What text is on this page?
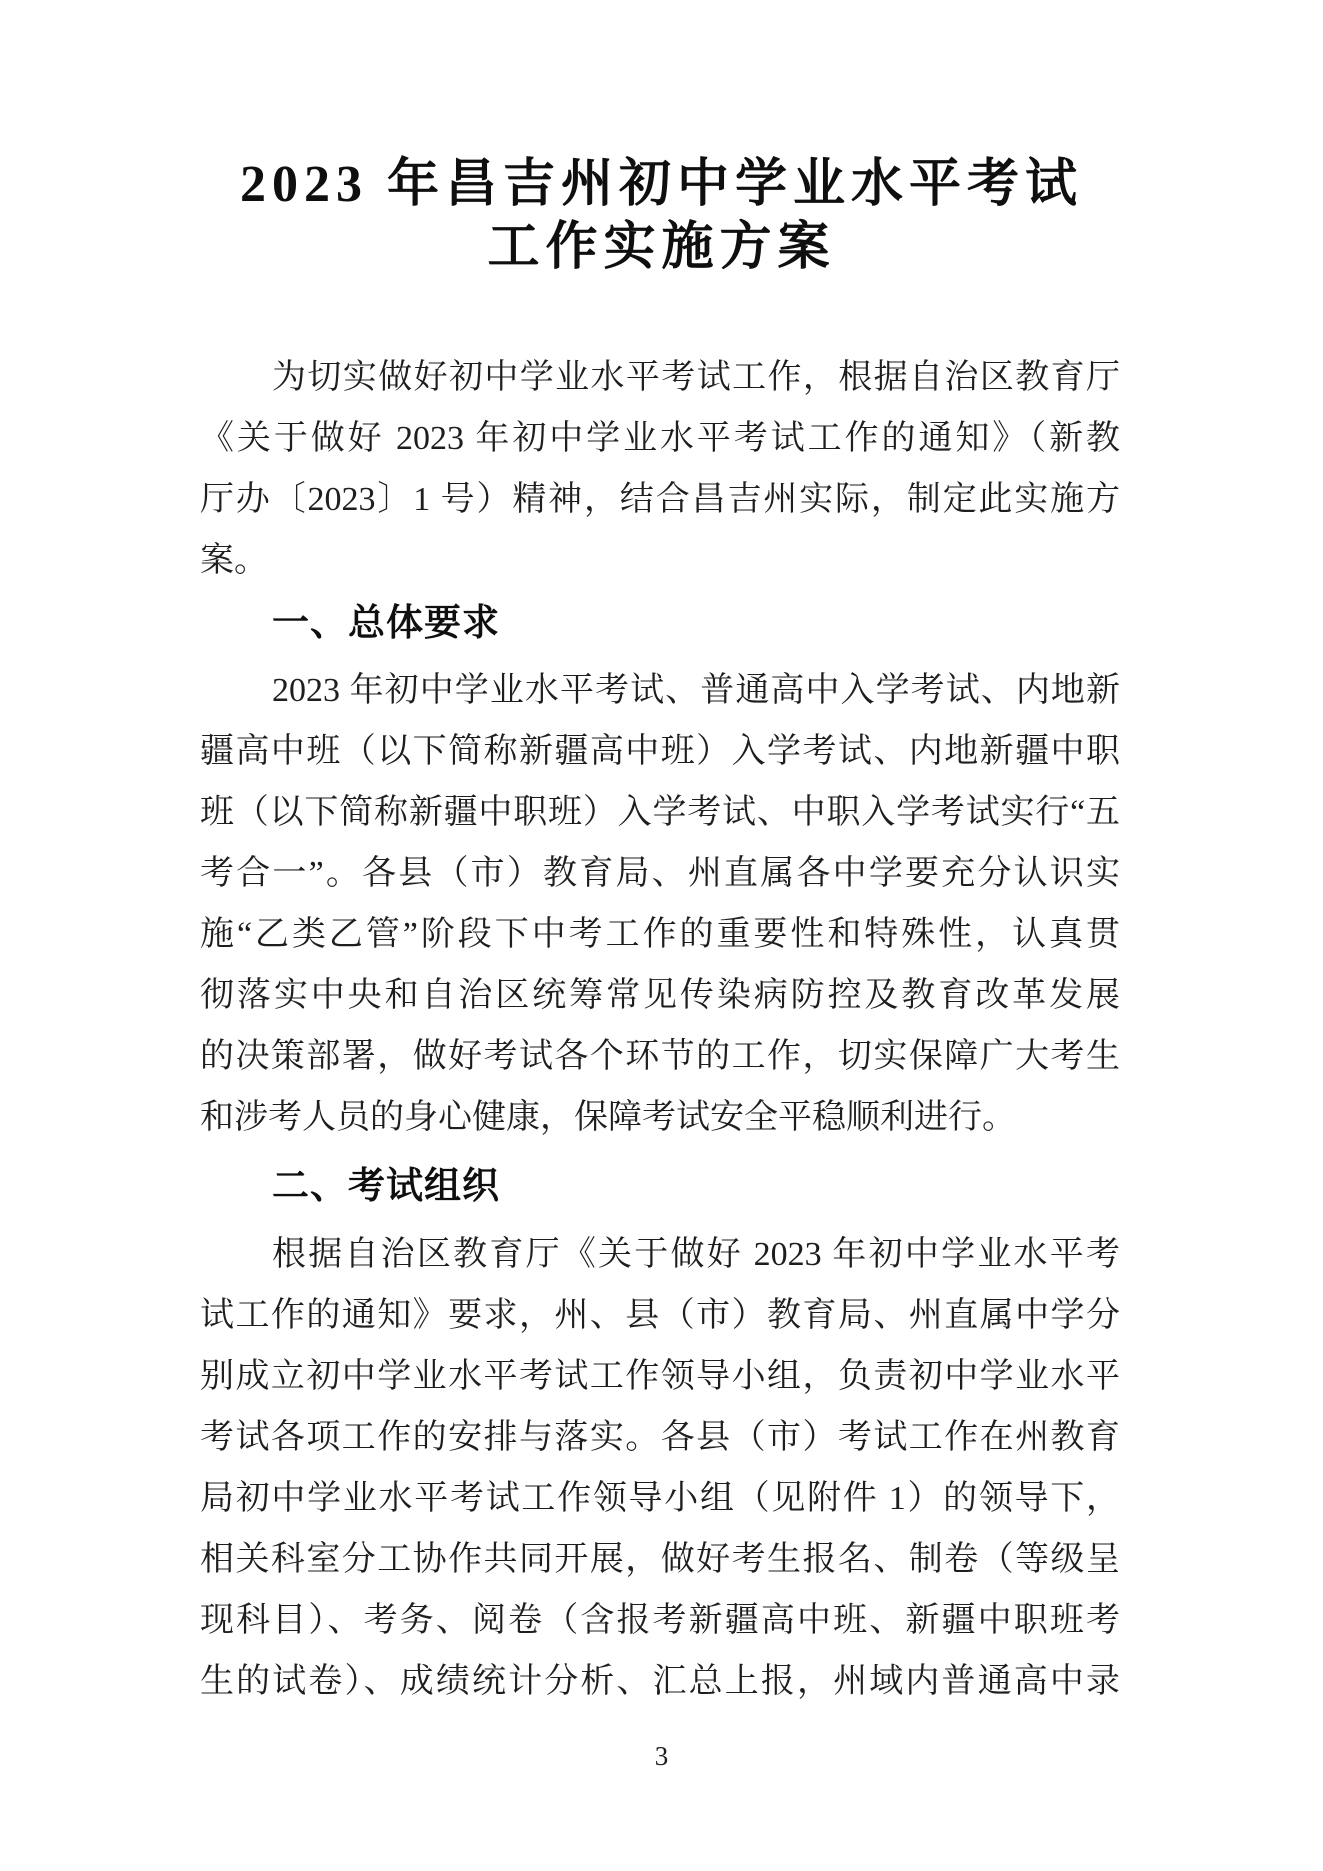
2023 年昌吉州初中学业水平考试
工作实施方案
为切实做好初中学业水平考试工作，根据自治区教育厅
《关于做好 2023 年初中学业水平考试工作的通知》（新教
厅办〔2023〕1 号）精神，结合昌吉州实际，制定此实施方
案。
一、总体要求
2023 年初中学业水平考试、普通高中入学考试、内地新
疆高中班（以下简称新疆高中班）入学考试、内地新疆中职
班（以下简称新疆中职班）入学考试、中职入学考试实行“五
考合一”。各县（市）教育局、州直属各中学要充分认识实
施“乙类乙管”阶段下中考工作的重要性和特殊性，认真贯
彻落实中央和自治区统筹常见传染病防控及教育改革发展
的决策部署，做好考试各个环节的工作，切实保障广大考生
和涉考人员的身心健康，保障考试安全平稳顺利进行。
二、考试组织
根据自治区教育厅《关于做好 2023 年初中学业水平考
试工作的通知》要求，州、县（市）教育局、州直属中学分
别成立初中学业水平考试工作领导小组，负责初中学业水平
考试各项工作的安排与落实。各县（市）考试工作在州教育
局初中学业水平考试工作领导小组（见附件 1）的领导下，
相关科室分工协作共同开展，做好考生报名、制卷（等级呈
现科目）、考务、阅卷（含报考新疆高中班、新疆中职班考
生的试卷）、成绩统计分析、汇总上报，州域内普通高中录
3
